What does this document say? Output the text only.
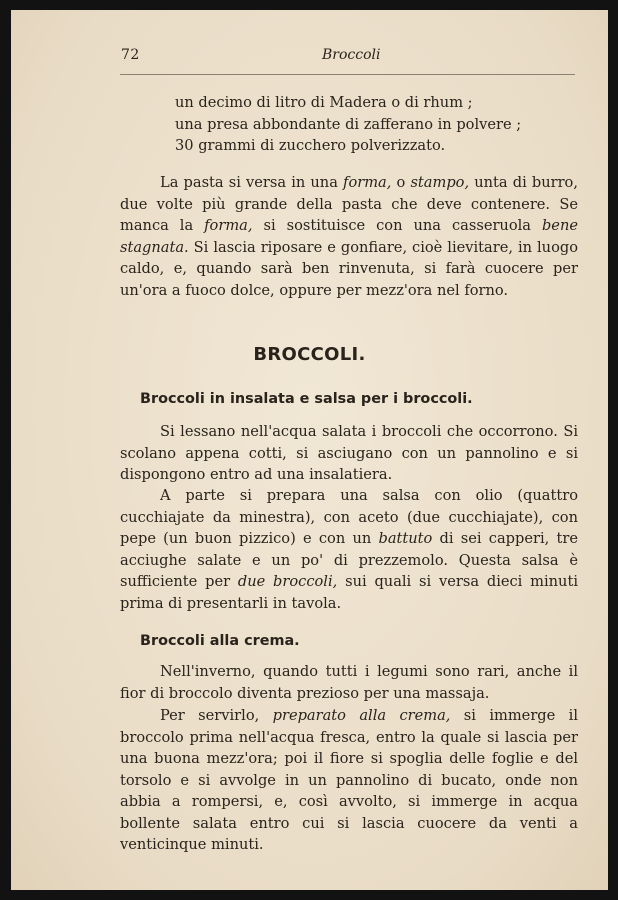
72	Broccoli
un decimo di litro di Madera o di rhum ;
una presa abbondante di zafferano in polvere ;
30 grammi di zucchero polverizzato.

La pasta si versa in una forma, o stampo, unta di burro, due volte più grande della pasta che deve contenere. Se manca la forma, si sostituisce con una casseruola bene stagnata. Si lascia riposare e gonfiare, cioè lievitare, in luogo caldo, e, quando sarà ben rinvenuta, si farà cuocere per un'ora a fuoco dolce, oppure per mezz'ora nel forno.

BROCCOLI.
Broccoli in insalata e salsa per i broccoli.

Si lessano nell'acqua salata i broccoli che occorrono. Si scolano appena cotti, si asciugano con un pannolino e si dispongono entro ad una insalatiera.

A parte si prepara una salsa con olio (quattro cucchiajate da minestra), con aceto (due cucchiajate), con pepe (un buon pizzico) e con un battuto di sei capperi, tre acciughe salate e un po' di prezzemolo. Questa salsa è sufficiente per due broccoli, sui quali si versa dieci minuti prima di presentarli in tavola.

Broccoli alla crema.

Nell'inverno, quando tutti i legumi sono rari, anche il fior di broccolo diventa prezioso per una massaja.

Per servirlo, preparato alla crema, si immerge il broccolo prima nell'acqua fresca, entro la quale si lascia per una buona mezz'ora; poi il fiore si spoglia delle foglie e del torsolo e si avvolge in un pannolino di bucato, onde non abbia a rompersi, e, così avvolto, si immerge in acqua bollente salata entro cui si lascia cuocere da venti a venticinque minuti.
